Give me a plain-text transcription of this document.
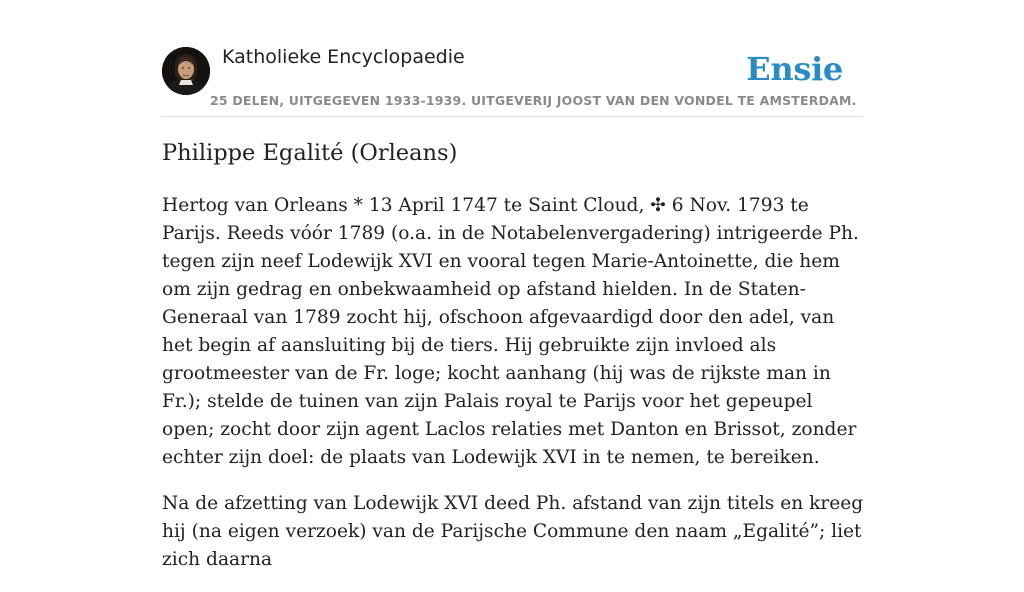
Katholieke Encyclopaedie	Ensie
25 DELEN, UITGEGEVEN 1933-1939. UITGEVERIJ JOOST VAN DEN VONDEL TE AMSTERDAM.
Philippe Egalité (Orleans)

Hertog van Orleans * 13 April 1747 te Saint Cloud, ✣ 6 Nov. 1793 te Parijs. Reeds vóór 1789 (o.a. in de Notabelenvergadering) intrigeerde Ph. tegen zijn neef Lodewijk XVI en vooral tegen Marie-Antoinette, die hem om zijn gedrag en onbekwaamheid op afstand hielden. In de Staten-Generaal van 1789 zocht hij, ofschoon afgevaardigd door den adel, van het begin af aansluiting bij de tiers. Hij gebruikte zijn invloed als grootmeester van de Fr. loge; kocht aanhang (hij was de rijkste man in Fr.); stelde de tuinen van zijn Palais royal te Parijs voor het gepeupel open; zocht door zijn agent Laclos relaties met Danton en Brissot, zonder echter zijn doel: de plaats van Lodewijk XVI in te nemen, te bereiken.

Na de afzetting van Lodewijk XVI deed Ph. afstand van zijn titels en kreeg hij (na eigen verzoek) van de Parijsche Commune den naam „Egalité”; liet zich daarna
